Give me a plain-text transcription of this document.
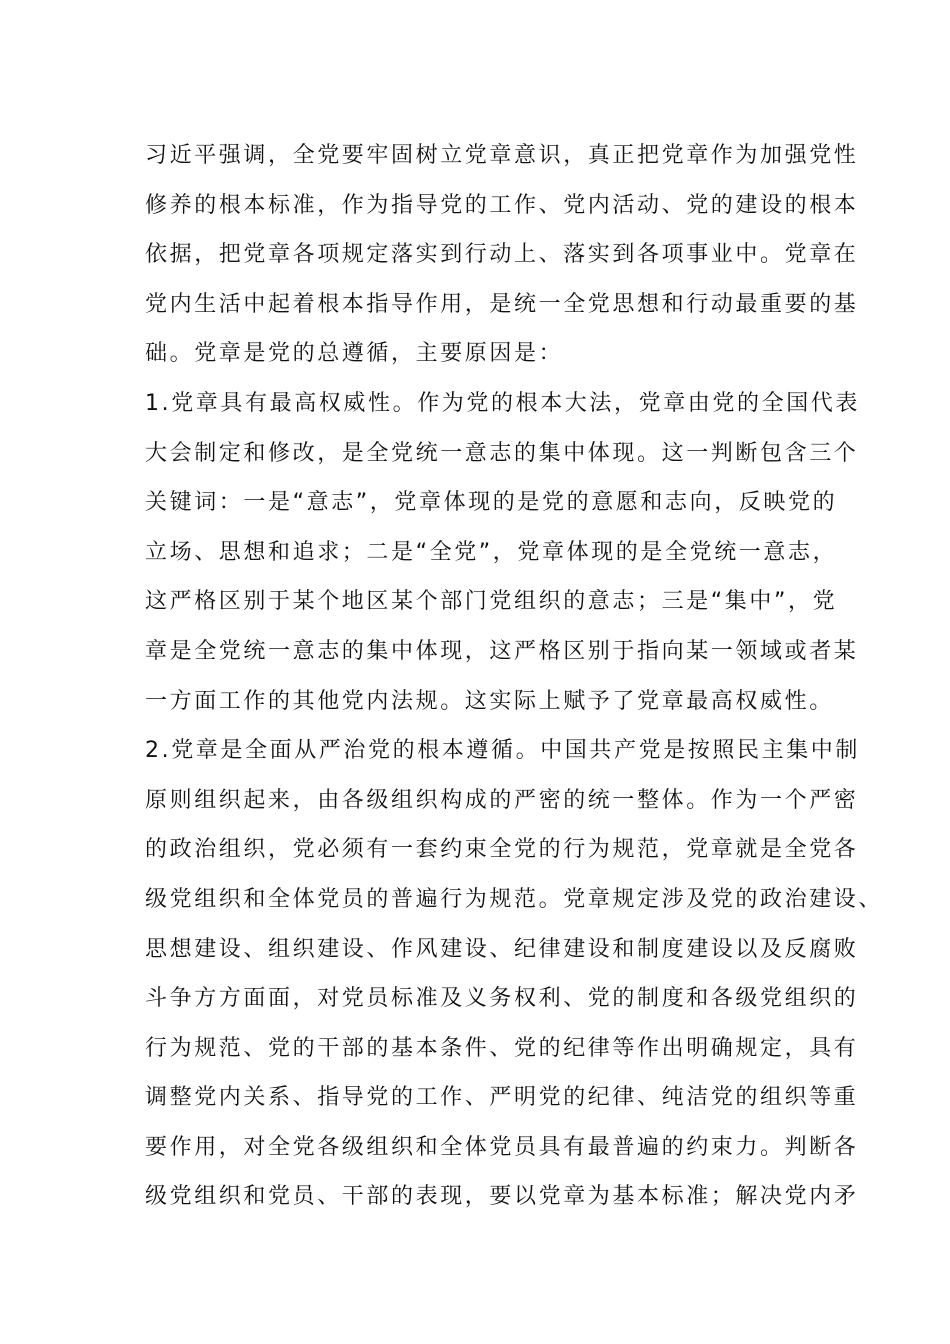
习近平强调，全党要牢固树立党章意识，真正把党章作为加强党性
修养的根本标准，作为指导党的工作、党内活动、党的建设的根本
依据，把党章各项规定落实到行动上、落实到各项事业中。党章在
党内生活中起着根本指导作用，是统一全党思想和行动最重要的基
础。党章是党的总遵循，主要原因是：
1.党章具有最高权威性。作为党的根本大法，党章由党的全国代表
大会制定和修改，是全党统一意志的集中体现。这一判断包含三个
关键词：一是“意志”，党章体现的是党的意愿和志向，反映党的
立场、思想和追求；二是“全党”，党章体现的是全党统一意志，
这严格区别于某个地区某个部门党组织的意志；三是“集中”，党
章是全党统一意志的集中体现，这严格区别于指向某一领域或者某
一方面工作的其他党内法规。这实际上赋予了党章最高权威性。
2.党章是全面从严治党的根本遵循。中国共产党是按照民主集中制
原则组织起来，由各级组织构成的严密的统一整体。作为一个严密
的政治组织，党必须有一套约束全党的行为规范，党章就是全党各
级党组织和全体党员的普遍行为规范。党章规定涉及党的政治建设、
思想建设、组织建设、作风建设、纪律建设和制度建设以及反腐败
斗争方方面面，对党员标准及义务权利、党的制度和各级党组织的
行为规范、党的干部的基本条件、党的纪律等作出明确规定，具有
调整党内关系、指导党的工作、严明党的纪律、纯洁党的组织等重
要作用，对全党各级组织和全体党员具有最普遍的约束力。判断各
级党组织和党员、干部的表现，要以党章为基本标准；解决党内矛
